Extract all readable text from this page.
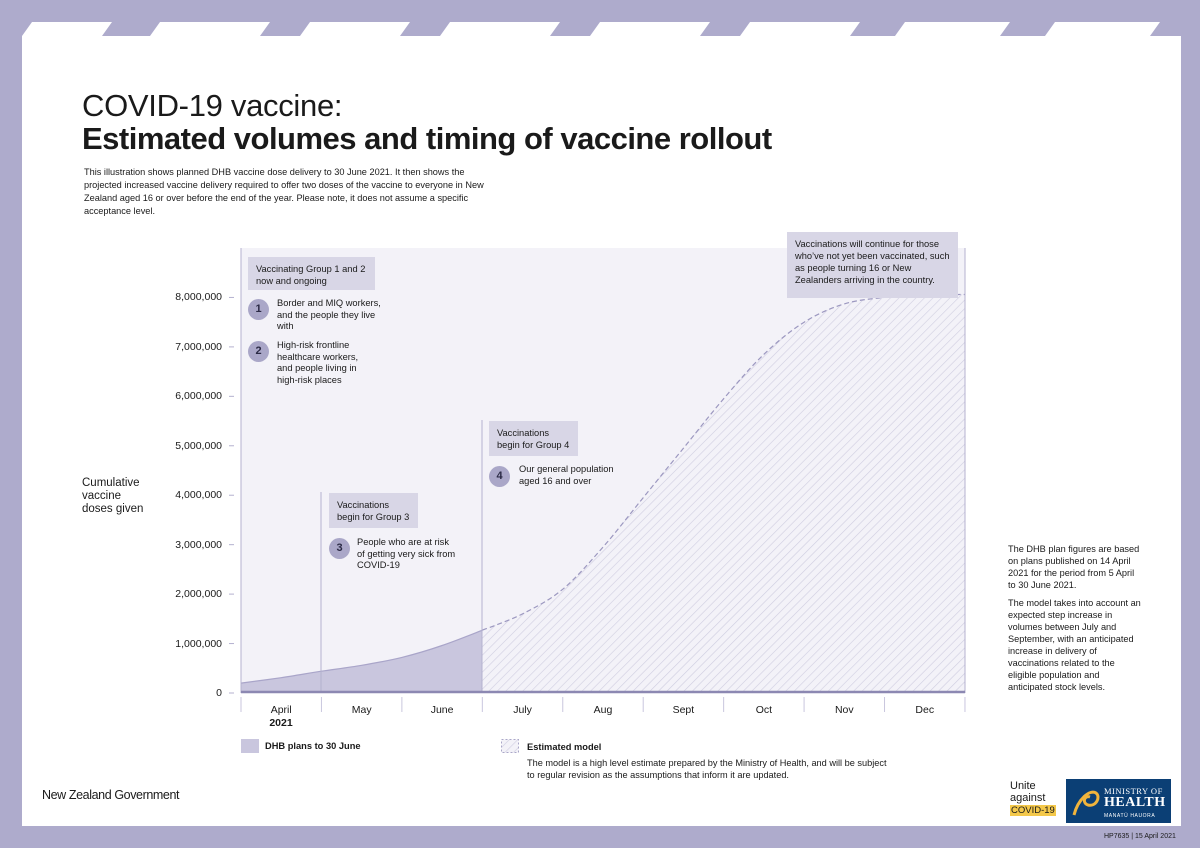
COVID-19 vaccine:
Estimated volumes and timing of vaccine rollout
This illustration shows planned DHB vaccine dose delivery to 30 June 2021. It then shows the projected increased vaccine delivery required to offer two doses of the vaccine to everyone in New Zealand aged 16 or over before the end of the year. Please note, it does not assume a specific acceptance level.
Cumulative
vaccine
doses given
0
1,000,000
2,000,000
3,000,000
4,000,000
5,000,000
6,000,000
7,000,000
8,000,000
April	May	June	July	Aug	Sept	Oct	Nov	Dec
2021
Vaccinating Group 1 and 2 now and ongoing
1	Border and MIQ workers, and the people they live with
2	High-risk frontline healthcare workers, and people living in high-risk places
Vaccinations begin for Group 3
3	People who are at risk of getting very sick from COVID-19
Vaccinations begin for Group 4
4
Our general population aged 16 and over
Vaccinations will continue for those who’ve not yet been vaccinated, such as people turning 16 or New Zealanders arriving in the country.
The DHB plan figures are based on plans published on 14 April 2021 for the period from 5 April to 30 June 2021.
The model takes into account an expected step increase in volumes between July and September, with an anticipated increase in delivery of vaccinations related to the eligible population and anticipated stock levels.
DHB plans to 30 June	Estimated model
The model is a high level estimate prepared by the Ministry of Health, and will be subject to regular revision as the assumptions that inform it are updated.
New Zealand Government
Unite
against
COVID-19
MINISTRY OF
HEALTH
MANATŪ HAUORA
HP7635 | 15 April 2021
